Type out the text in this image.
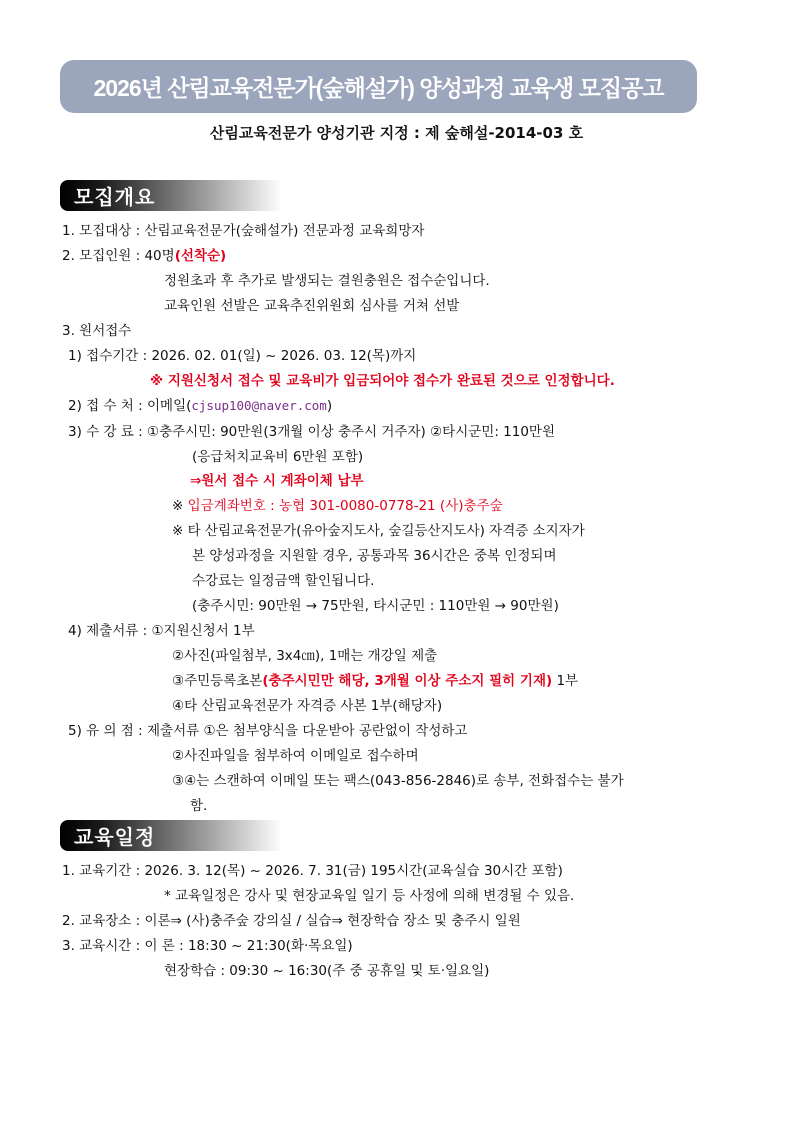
2026년 산림교육전문가(숲해설가) 양성과정 교육생 모집공고
산림교육전문가 양성기관 지정 : 제 숲해설-2014-03 호
모집개요
1. 모집대상 : 산림교육전문가(숲해설가) 전문과정 교육희망자
2. 모집인원 : 40명(선착순)
정원초과 후 추가로 발생되는 결원충원은 접수순입니다.
교육인원 선발은 교육추진위원회 심사를 거쳐 선발
3. 원서접수
1) 접수기간 : 2026. 02. 01(일) ~ 2026. 03. 12(목)까지
※ 지원신청서 접수 및 교육비가 입금되어야 접수가 완료된 것으로 인정합니다.
2) 접 수 처 : 이메일(cjsup100@naver.com)
3) 수 강 료 : ①충주시민: 90만원(3개월 이상 충주시 거주자) ②타시군민: 110만원
(응급처치교육비 6만원 포함)
⇒원서 접수 시 계좌이체 납부
※ 입금계좌번호 : 농협 301-0080-0778-21 (사)충주숲
※ 타 산림교육전문가(유아숲지도사, 숲길등산지도사) 자격증 소지자가
본 양성과정을 지원할 경우, 공통과목 36시간은 중복 인정되며
수강료는 일정금액 할인됩니다.
(충주시민: 90만원 → 75만원, 타시군민 : 110만원 → 90만원)
4) 제출서류 : ①지원신청서 1부
②사진(파일첨부, 3x4㎝), 1매는 개강일 제출
③주민등록초본(충주시민만 해당, 3개월 이상 주소지 필히 기재) 1부
④타 산림교육전문가 자격증 사본 1부(해당자)
5) 유 의 점 : 제출서류 ①은 첨부양식을 다운받아 공란없이 작성하고
②사진파일을 첨부하여 이메일로 접수하며
③④는 스캔하여 이메일 또는 팩스(043-856-2846)로 송부, 전화접수는 불가
함.
교육일정
1. 교육기간 : 2026. 3. 12(목) ~ 2026. 7. 31(금) 195시간(교육실습 30시간 포함)
* 교육일정은 강사 및 현장교육일 일기 등 사정에 의해 변경될 수 있음.
2. 교육장소 : 이론⇒ (사)충주숲 강의실 / 실습⇒ 현장학습 장소 및 충주시 일원
3. 교육시간 : 이 론 : 18:30 ~ 21:30(화·목요일)
현장학습 : 09:30 ~ 16:30(주 중 공휴일 및 토·일요일)
